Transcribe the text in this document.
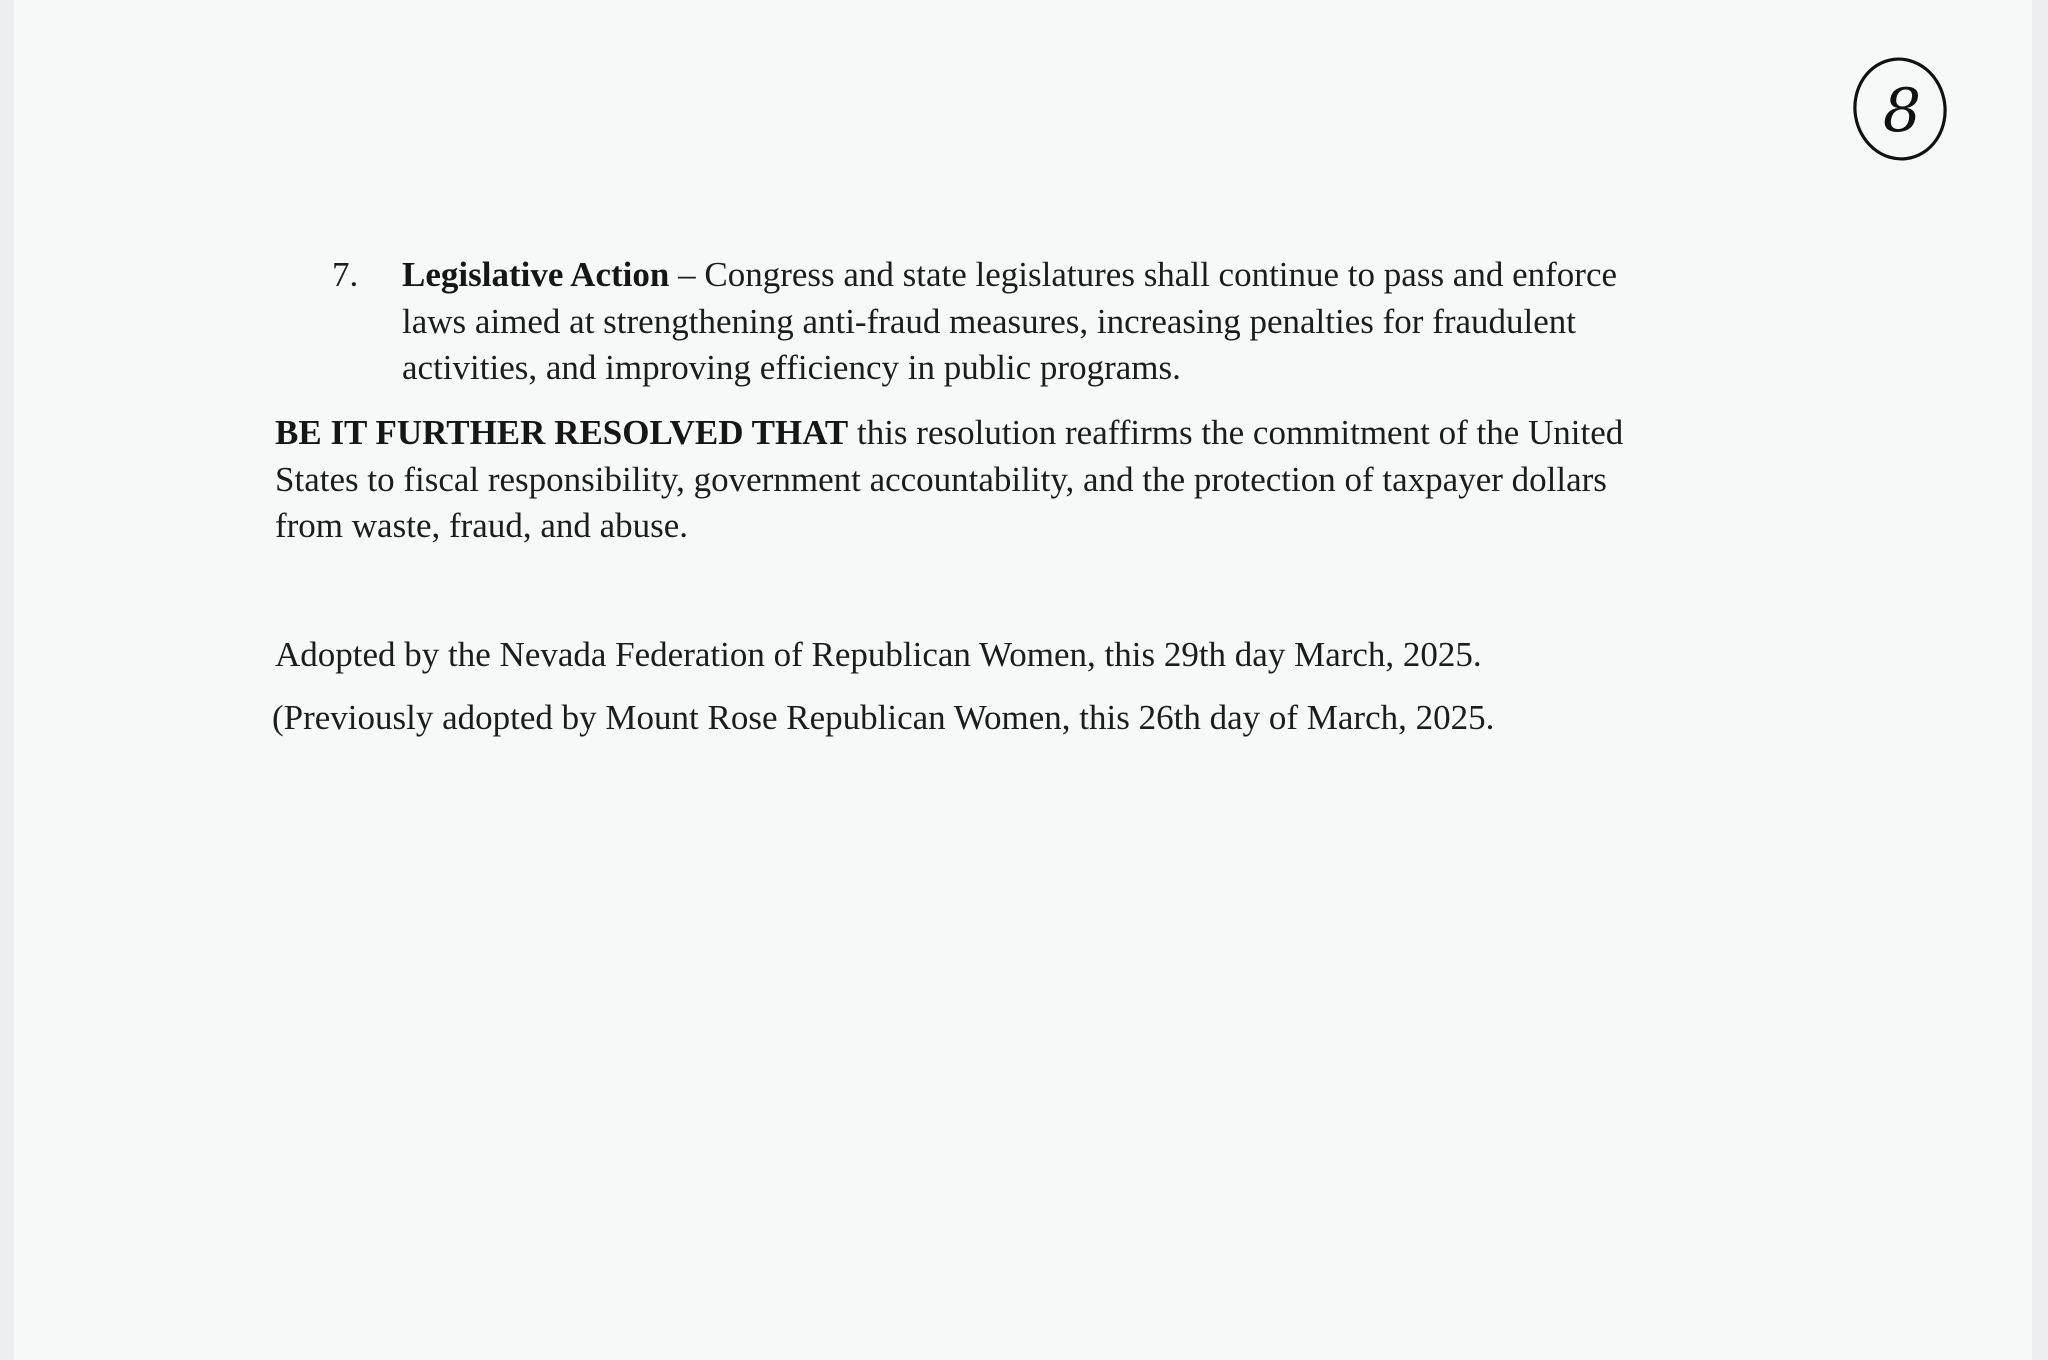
8
7.	Legislative Action – Congress and state legislatures shall continue to pass and enforce
laws aimed at strengthening anti-fraud measures, increasing penalties for fraudulent
activities, and improving efficiency in public programs.
BE IT FURTHER RESOLVED THAT this resolution reaffirms the commitment of the United
States to fiscal responsibility, government accountability, and the protection of taxpayer dollars
from waste, fraud, and abuse.
Adopted by the Nevada Federation of Republican Women, this 29th day March, 2025.
(Previously adopted by Mount Rose Republican Women, this 26th day of March, 2025.
